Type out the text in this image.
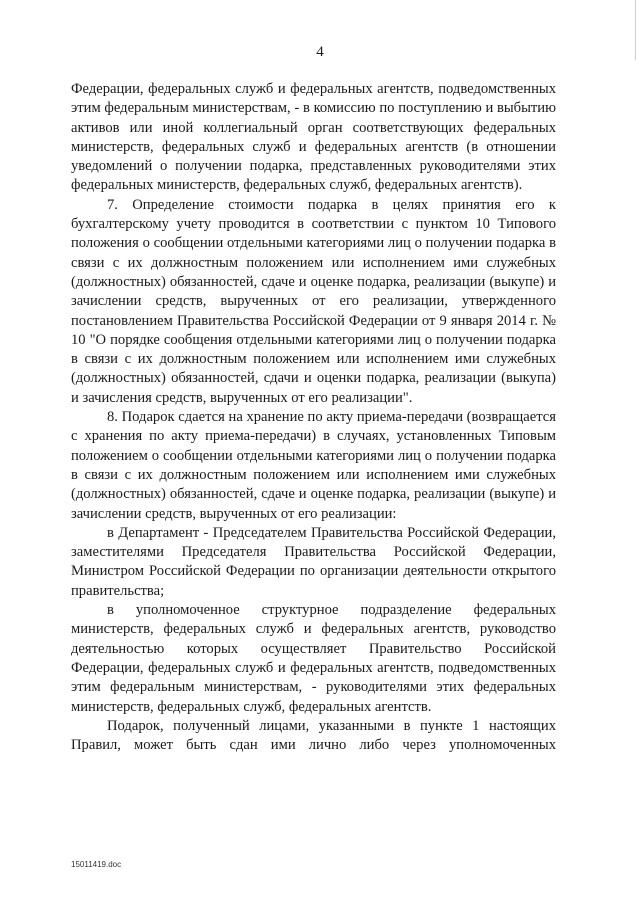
4

Федерации, федеральных служб и федеральных агентств, подведомственных этим федеральным министерствам, - в комиссию по поступлению и выбытию активов или иной коллегиальный орган соответствующих федеральных министерств, федеральных служб и федеральных агентств (в отношении уведомлений о получении подарка, представленных руководителями этих федеральных министерств, федеральных служб, федеральных агентств).

7. Определение стоимости подарка в целях принятия его к бухгалтерскому учету проводится в соответствии с пунктом 10 Типового положения о сообщении отдельными категориями лиц о получении подарка в связи с их должностным положением или исполнением ими служебных (должностных) обязанностей, сдаче и оценке подарка, реализации (выкупе) и зачислении средств, вырученных от его реализации, утвержденного постановлением Правительства Российской Федерации от 9 января 2014 г. № 10 "О порядке сообщения отдельными категориями лиц о получении подарка в связи с их должностным положением или исполнением ими служебных (должностных) обязанностей, сдачи и оценки подарка, реализации (выкупа) и зачисления средств, вырученных от его реализации".

8. Подарок сдается на хранение по акту приема-передачи (возвращается с хранения по акту приема-передачи) в случаях, установленных Типовым положением о сообщении отдельными категориями лиц о получении подарка в связи с их должностным положением или исполнением ими служебных (должностных) обязанностей, сдаче и оценке подарка, реализации (выкупе) и зачислении средств, вырученных от его реализации:

в Департамент - Председателем Правительства Российской Федерации, заместителями Председателя Правительства Российской Федерации, Министром Российской Федерации по организации деятельности открытого правительства;

в уполномоченное структурное подразделение федеральных министерств, федеральных служб и федеральных агентств, руководство деятельностью которых осуществляет Правительство Российской Федерации, федеральных служб и федеральных агентств, подведомственных этим федеральным министерствам, - руководителями этих федеральных министерств, федеральных служб, федеральных агентств.

Подарок, полученный лицами, указанными в пункте 1 настоящих Правил, может быть сдан ими лично либо через уполномоченных

15011419.doc
